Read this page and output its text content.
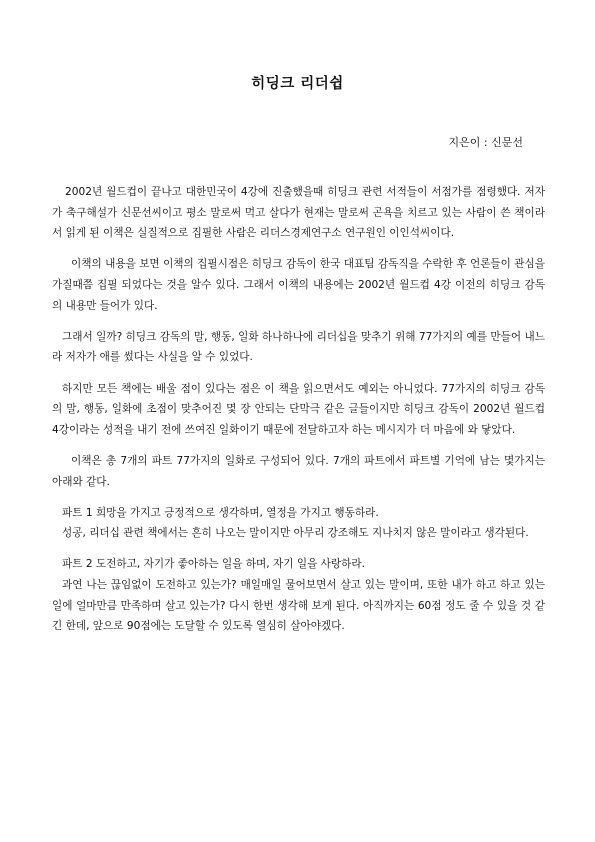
히딩크 리더쉽
지은이 : 신문선

2002년 월드컵이 끝나고 대한민국이 4강에 진출했을때 히딩크 관련 서적들이 서점가를 점령했다. 저자가 축구해설가 신문선씨이고 평소 말로써 먹고 살다가 현재는 말로써 곤욕을 치르고 있는 사람이 쓴 책이라서 읽게 된 이책은 실질적으로 집필한 사람은 리더스경제연구소 연구원인 이인석씨이다.

이책의 내용을 보면 이책의 집필시점은 히딩크 감독이 한국 대표팀 감독직을 수락한 후 언론들이 관심을 가질때쯤 집필 되었다는 것을 알수 있다. 그래서 이책의 내용에는 2002년 월드컵 4강 이전의 히딩크 감독의 내용만 들어가 있다.

그래서 일까? 히딩크 감독의 말, 행동, 일화 하나하나에 리더십을 맞추기 위해 77가지의 예를 만들어 내느라 저자가 애를 썼다는 사실을 알 수 있었다.

하지만 모든 책에는 배울 점이 있다는 점은 이 책을 읽으면서도 예외는 아니었다. 77가지의 히딩크 감독의 말, 행동, 일화에 초점이 맞추어진 몇 장 안되는 단막극 같은 글들이지만 히딩크 감독이 2002년 월드컵 4강이라는 성적을 내기 전에 쓰여진 일화이기 때문에 전달하고자 하는 메시지가 더 마음에 와 닿았다.

이책은 총 7개의 파트 77가지의 일화로 구성되어 있다. 7개의 파트에서 파트별 기억에 남는 몇가지는 아래와 같다.

파트 1 희망을 가지고 긍정적으로 생각하며, 열정을 가지고 행동하라.

성공, 리더십 관련 책에서는 흔히 나오는 말이지만 아무리 강조해도 지나치지 않은 말이라고 생각된다.

파트 2 도전하고, 자기가 좋아하는 일을 하며, 자기 일을 사랑하라.

과연 나는 끊임없이 도전하고 있는가? 매일매일 물어보면서 살고 있는 말이며, 또한 내가 하고 하고 있는 일에 얼마만큼 만족하며 살고 있는가? 다시 한번 생각해 보게 된다. 아직까지는 60점 정도 줄 수 있을 것 같긴 한데, 앞으로 90점에는 도달할 수 있도록 열심히 살아야겠다.
